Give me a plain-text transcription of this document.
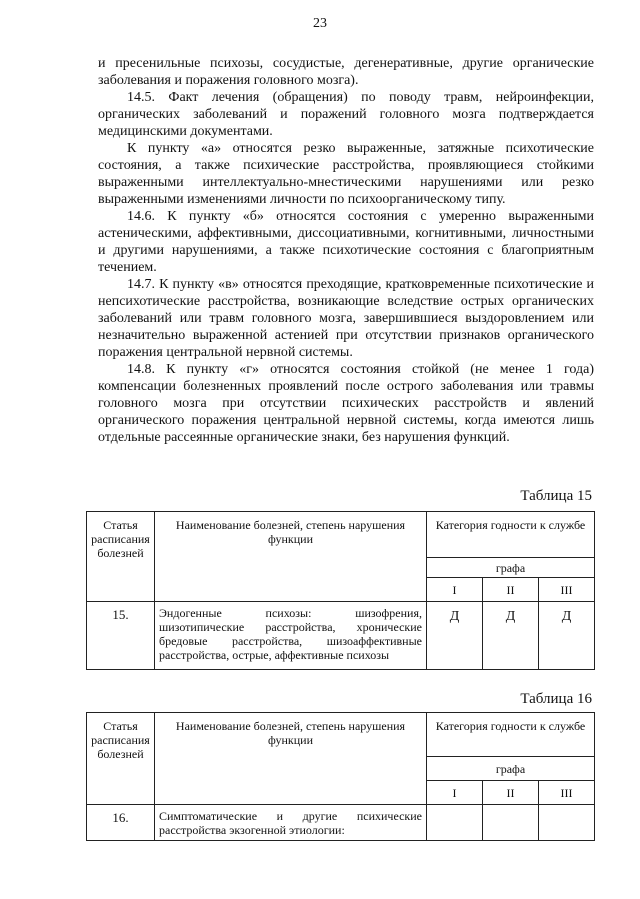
23

и пресенильные психозы, сосудистые, дегенеративные, другие органические заболевания и поражения головного мозга).

14.5. Факт лечения (обращения) по поводу травм, нейроинфекции, органических заболеваний и поражений головного мозга подтверждается медицинскими документами.

К пункту «а» относятся резко выраженные, затяжные психотические состояния, а также психические расстройства, проявляющиеся стойкими выраженными интеллектуально-мнестическими нарушениями или резко выраженными изменениями личности по психоорганическому типу.

14.6. К пункту «б» относятся состояния с умеренно выраженными астеническими, аффективными, диссоциативными, когнитивными, личностными и другими нарушениями, а также психотические состояния с благоприятным течением.

14.7. К пункту «в» относятся преходящие, кратковременные психотические и непсихотические расстройства, возникающие вследствие острых органических заболеваний или травм головного мозга, завершившиеся выздоровлением или незначительно выраженной астенией при отсутствии признаков органического поражения центральной нервной системы.

14.8. К пункту «г» относятся состояния стойкой (не менее 1 года) компенсации болезненных проявлений после острого заболевания или травмы головного мозга при отсутствии психических расстройств и явлений органического поражения центральной нервной системы, когда имеются лишь отдельные рассеянные органические знаки, без нарушения функций.

Таблица 15
Статья расписания болезней	Наименование болезней, степень нарушения функции	Категория годности к службе		
		графа		
		I	II	III
15.	Эндогенные психозы: шизофрения, шизотипические расстройства, хронические бредовые расстройства, шизоаффективные расстройства, острые, аффективные психозы	Д	Д	Д
Таблица 16
Статья расписания болезней	Наименование болезней, степень нарушения функции	Категория годности к службе		
		графа		
		I	II	III
16.	Симптоматические и другие психические расстройства экзогенной этиологии:			
